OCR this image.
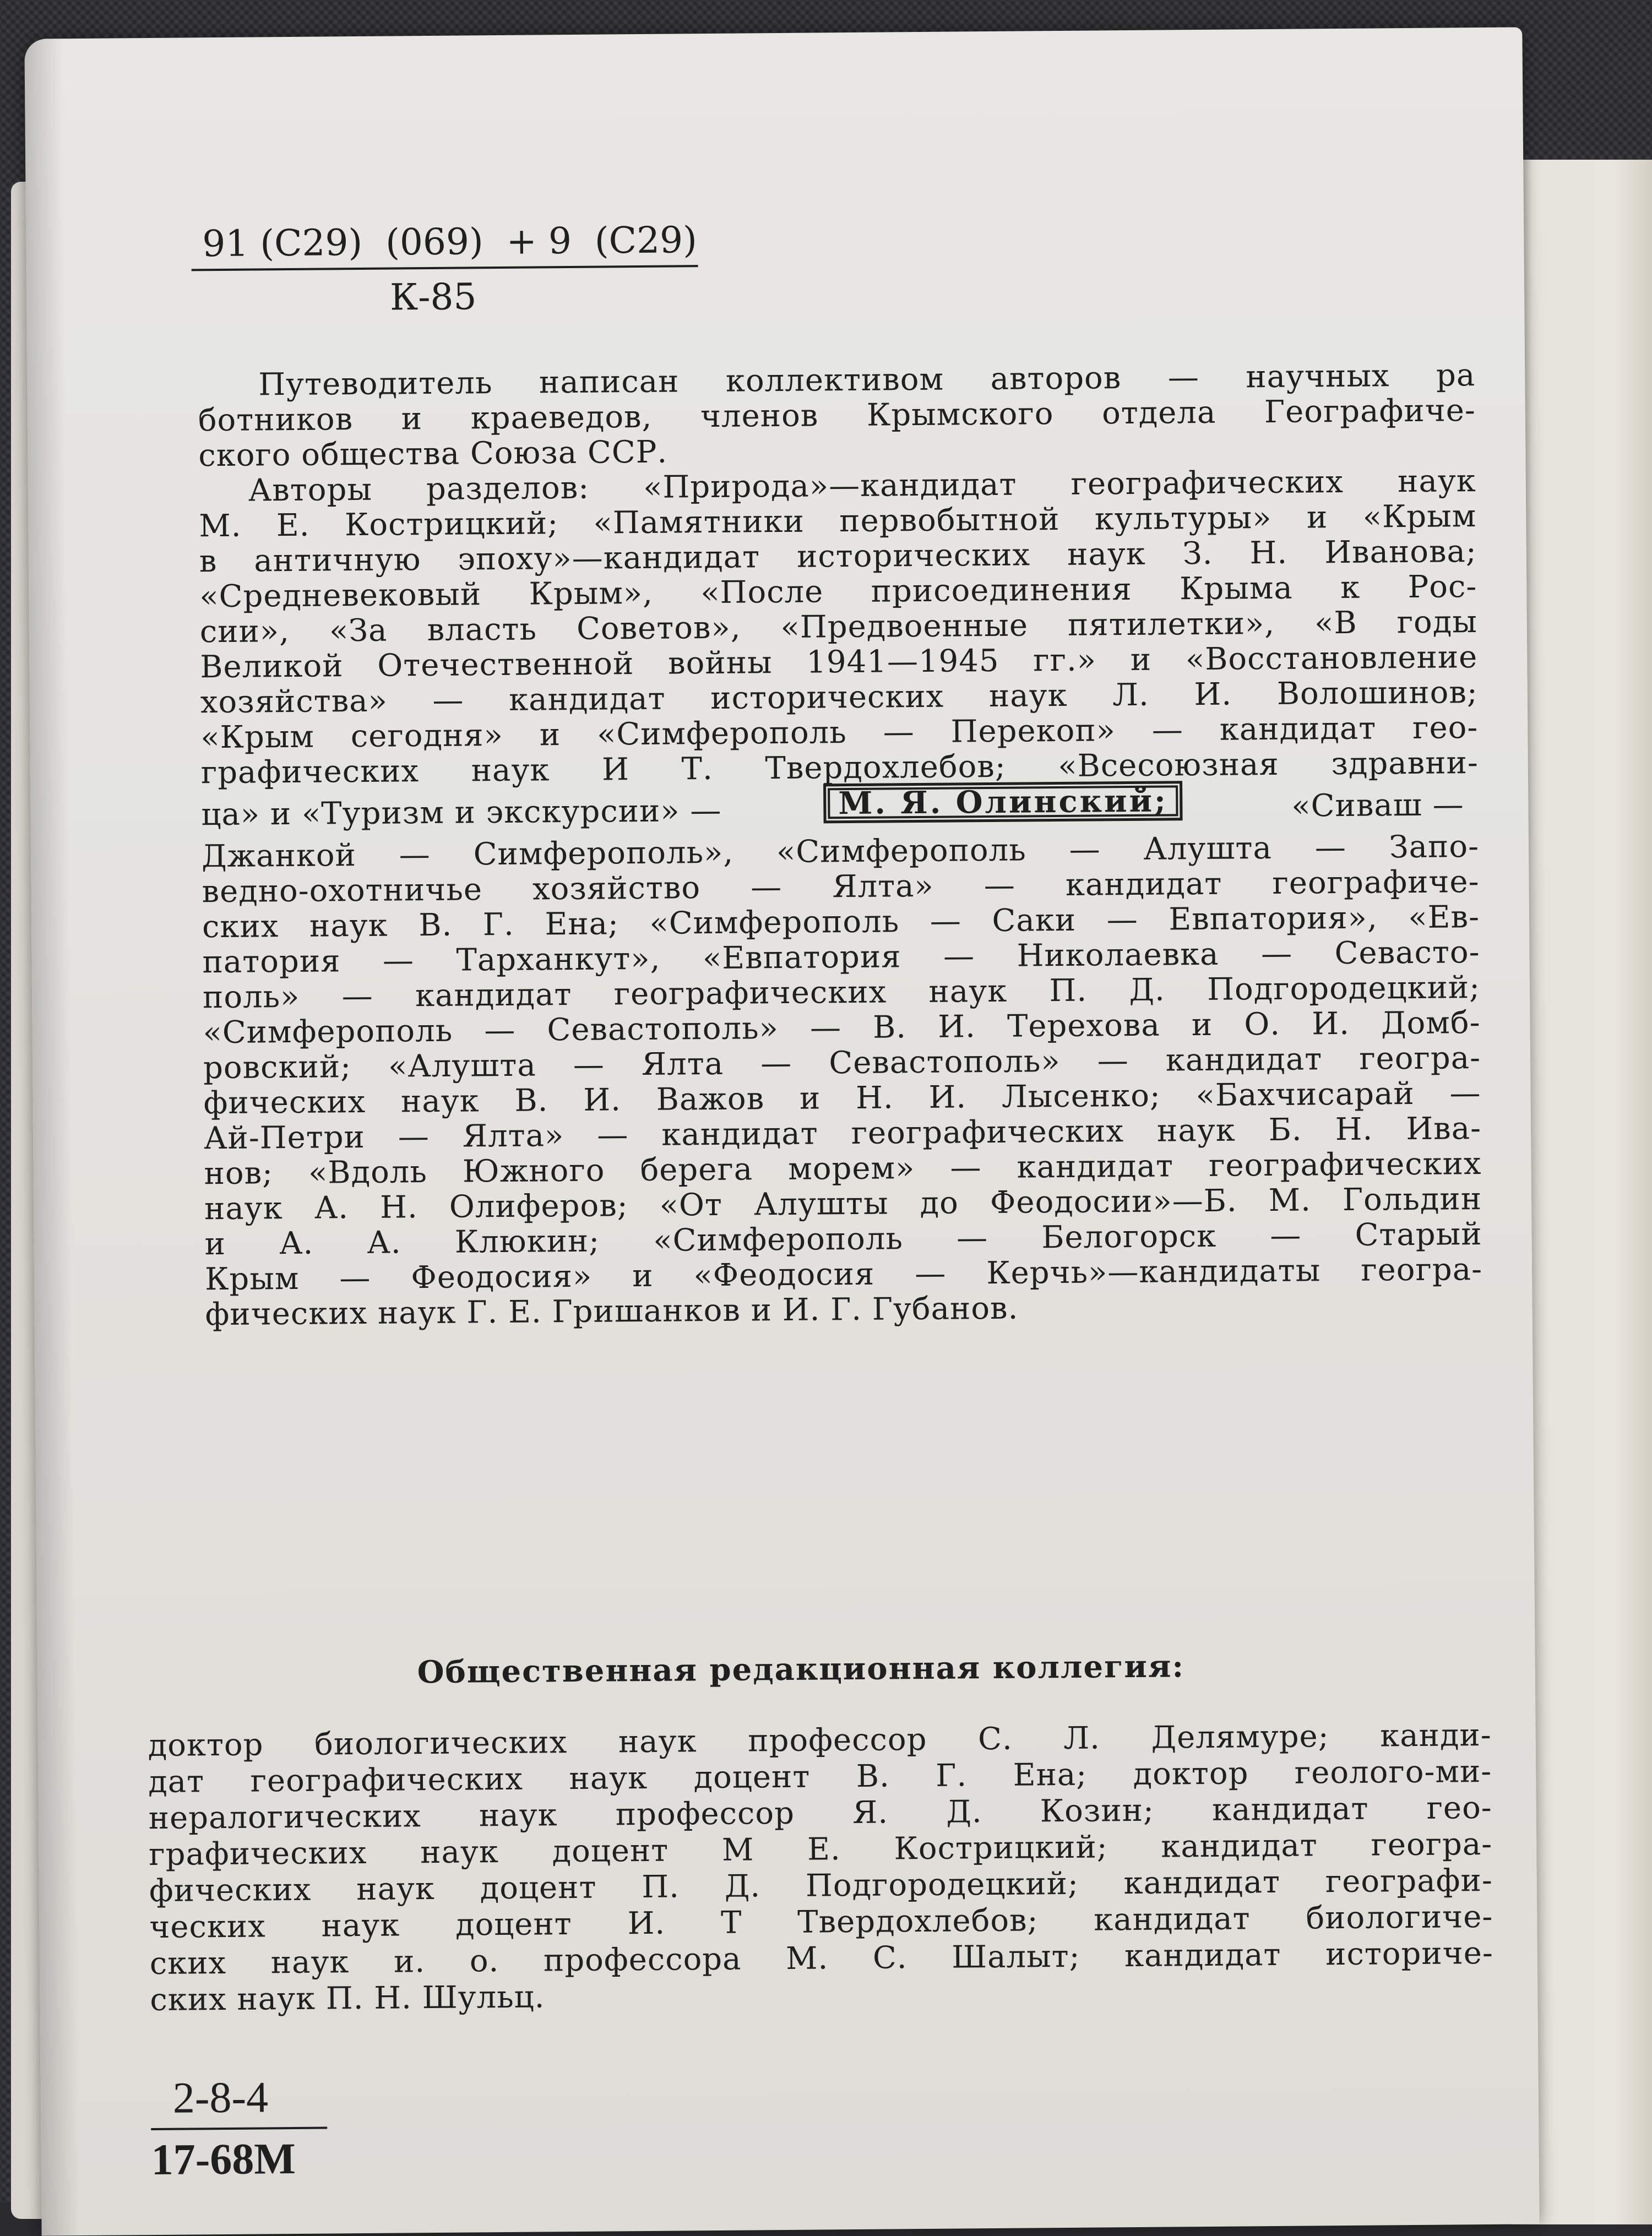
91 (С29)  (069)  + 9  (С29)

К-85

Путеводитель написан коллективом авторов — научных ра

ботников и краеведов, членов Крымского отдела Географиче-

ского общества Союза ССР.

Авторы разделов: «Природа»—кандидат географических наук

М. Е. Кострицкий; «Памятники первобытной культуры» и «Крым

в античную эпоху»—кандидат исторических наук З. Н. Иванова;

«Средневековый Крым», «После присоединения Крыма к Рос-

сии», «За власть Советов», «Предвоенные пятилетки», «В годы

Великой Отечественной войны 1941—1945 гг.» и «Восстановление

хозяйства» — кандидат исторических наук Л. И. Волошинов;

«Крым сегодня» и «Симферополь — Перекоп» — кандидат гео-

графических наук И Т. Твердохлебов; «Всесоюзная здравни-

ца» и «Туризм и экскурсии» —	М. Я. Олинский;	«Сиваш —

Джанкой — Симферополь», «Симферополь — Алушта — Запо-

ведно-охотничье хозяйство — Ялта» — кандидат географиче-

ских наук В. Г. Ена; «Симферополь — Саки — Евпатория», «Ев-

патория — Тарханкут», «Евпатория — Николаевка — Севасто-

поль» — кандидат географических наук П. Д. Подгородецкий;

«Симферополь — Севастополь» — В. И. Терехова и О. И. Домб-

ровский; «Алушта — Ялта — Севастополь» — кандидат геогра-

фических наук В. И. Важов и Н. И. Лысенко; «Бахчисарай —

Ай-Петри — Ялта» — кандидат географических наук Б. Н. Ива-

нов; «Вдоль Южного берега морем» — кандидат географических

наук А. Н. Олиферов; «От Алушты до Феодосии»—Б. М. Гольдин

и А. А. Клюкин; «Симферополь — Белогорск — Старый

Крым — Феодосия» и «Феодосия — Керчь»—кандидаты геогра-

фических наук Г. Е. Гришанков и И. Г. Губанов.

Общественная редакционная коллегия:

доктор биологических наук профессор С. Л. Делямуре; канди-

дат географических наук доцент В. Г. Ена; доктор геолого-ми-

нералогических наук профессор Я. Д. Козин; кандидат гео-

графических наук доцент М Е. Кострицкий; кандидат геогра-

фических наук доцент П. Д. Подгородецкий; кандидат географи-

ческих наук доцент И. Т Твердохлебов; кандидат биологиче-

ских наук и. о. профессора М. С. Шалыт; кандидат историче-

ских наук П. Н. Шульц.

2-8-4

17-68М
